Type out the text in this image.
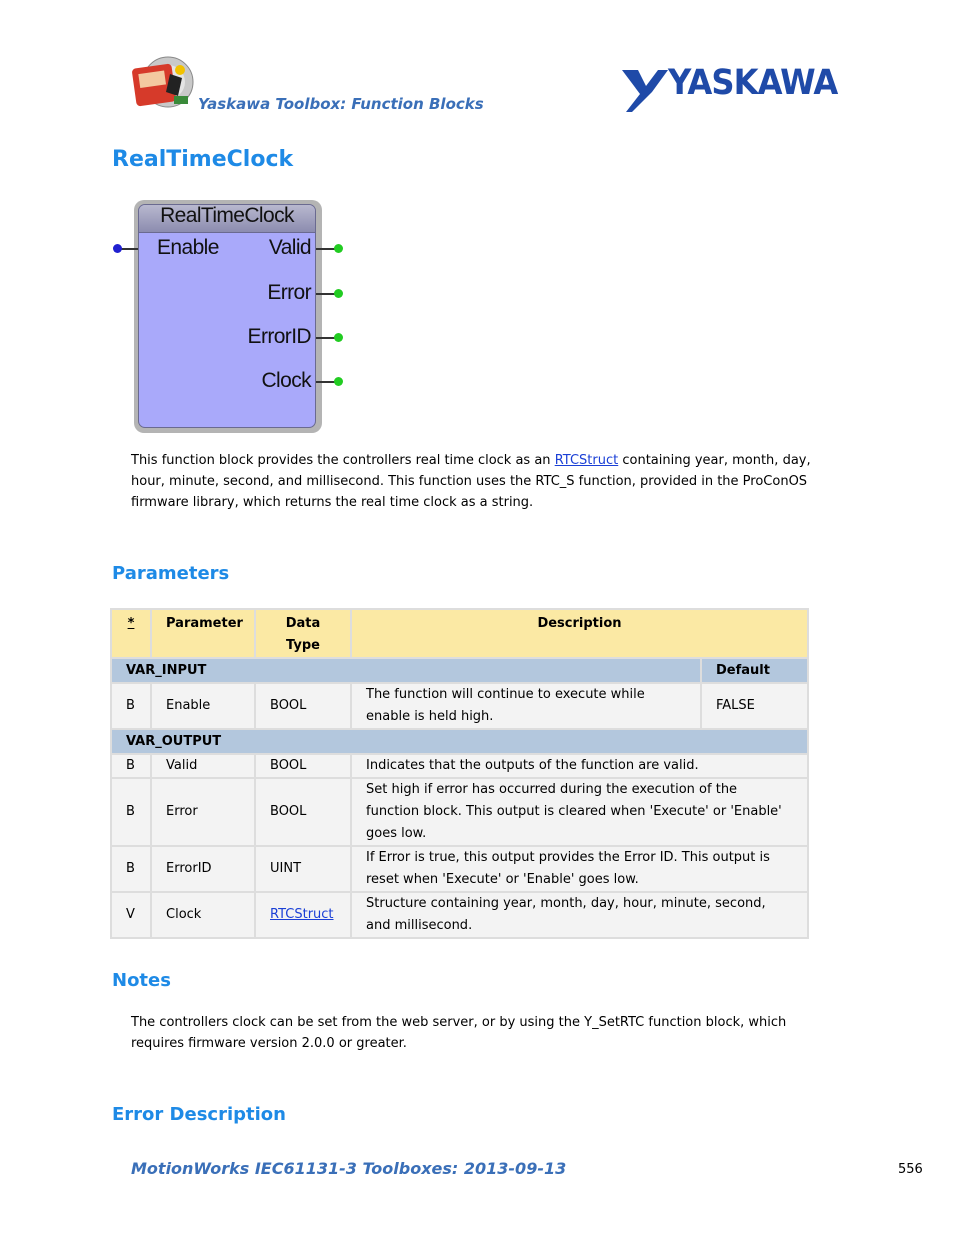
Yaskawa Toolbox: Function Blocks
YASKAWA
RealTimeClock
RealTimeClock
Enable Valid
Error
ErrorID
Clock

This function block provides the controllers real time clock as an RTCStruct containing year, month, day, hour, minute, second, and millisecond. This function uses the RTC_S function, provided in the ProConOS firmware library, which returns the real time clock as a string.

Parameters
*	Parameter	Data Type	Description	
VAR_INPUT				Default
B	Enable	BOOL	The function will continue to execute while enable is held high.	FALSE
VAR_OUTPUT				
B	Valid	BOOL	Indicates that the outputs of the function are valid.	
B	Error	BOOL	Set high if error has occurred during the execution of the function block. This output is cleared when 'Execute' or 'Enable' goes low.	
B	ErrorID	UINT	If Error is true, this output provides the Error ID. This output is reset when 'Execute' or 'Enable' goes low.	
V	Clock	RTCStruct	Structure containing year, month, day, hour, minute, second, and millisecond.	
Notes

The controllers clock can be set from the web server, or by using the Y_SetRTC function block, which requires firmware version 2.0.0 or greater.

Error Description
MotionWorks IEC61131-3 Toolboxes: 2013-09-13	556
